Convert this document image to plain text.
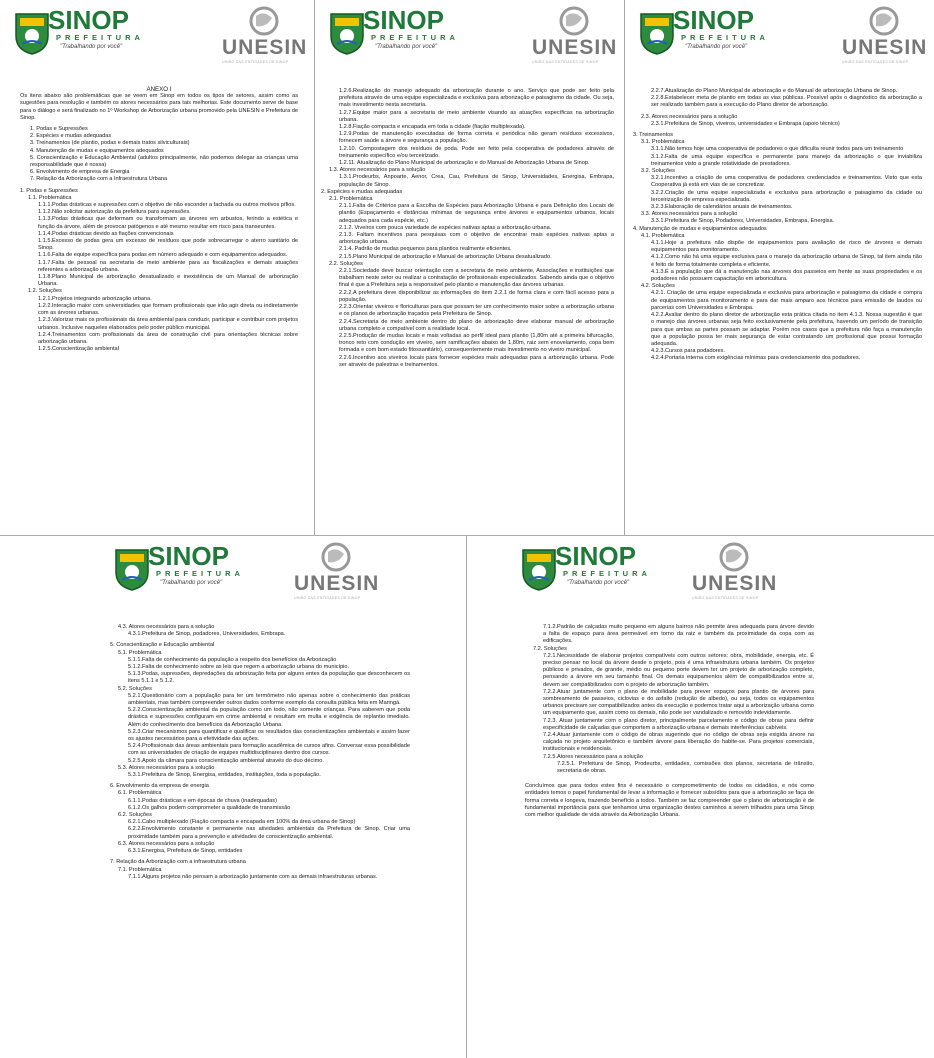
SINOP
PREFEITURA
"Trabalhando por você"	UNESIN
UNIÃO DAS ENTIDADES DE SINOP

ANEXO I

Os itens abaixo são problemáticas que se veem em Sinop em todos os tipos de setores, assim como as sugestões para resolução e também os atores necessários para tais melhorias. Este documento serve de base para o diálogo e será finalizado no 1º Workshop de Arborização urbana promovido pela UNESIN e Prefeitura de Sinop.

1. Podas e Supressões

2. Espécies e mudas adequadas

3. Treinamentos (de plantio, podas e demais tratos silviculturais)

4. Manutenção de mudas e equipamentos adequados

5. Conscientização e Educação Ambiental (adultos principalmente, não podemos delegar as crianças uma responsabilidade que é nossa)

6. Envolvimento de empresa de Energia

7. Relação da Arborização com a Infraestrutura Urbana

1. Podas e Supressões

1.1. Problemática

1.1.1.Podas drásticas e supressões com o objetivo de não esconder a fachada ou outros motivos pífios.

1.1.2.Não solicitar autorização da prefeitura para supressões.

1.1.3.Podas drásticas que deformam ou transformam as árvores em arbustos, ferindo a estética e função da árvore, além de provocar patógenos e até mesmo resultar em risco para transeuntes.

1.1.4.Podas drásticas devido as fiações convencionais

1.1.5.Excesso de podas gera um excesso de resíduos que pode sobrecarregar o aterro sanitário de Sinop.

1.1.6.Falta de equipe específica para podas em número adequado e com equipamentos adequados.

1.1.7.Falta de pessoal na secretaria de meio ambiente para as fiscalizações e demais atuações referentes a arborização urbana.

1.1.8.Plano Municipal de arborização desatualizado e inexistência de um Manual de arborização Urbana.

1.2. Soluções

1.2.1.Projetos integrando arborização urbana.

1.2.2.Interação maior com universidades que formam profissionais que irão agir direta ou indiretamente com as árvores urbanas.

1.2.3.Valorizar mais os profissionais da área ambiental para conduzir, participar e contribuir com projetos urbanos. Inclusive naqueles elaborados pelo poder público municipal.

1.2.4.Treinamentos com profissionais da área de construção civil para orientações técnicas sobre arborização urbana.

1.2.5.Conscientização ambiental

SINOP
PREFEITURA
"Trabalhando por você"	UNESIN
UNIÃO DAS ENTIDADES DE SINOP

1.2.6.Realização do manejo adequado da arborização durante o ano. Serviço que pode ser feito pela prefeitura através de uma equipe especializada e exclusiva para arborização e paisagismo da cidade. Ou seja, mais investimento nesta secretaria.

1.2.7.Equipe maior para a secretaria de meio ambiente visando as atuações específicas na arborização urbana.

1.2.8.Fiação compacta e encapada em toda a cidade (fiação multiplexada).

1.2.9.Podas de manutenção executadas de forma correta e periódica não geram resíduos excessivos, fornecem saúde a árvore e segurança a população.

1.2.10. Compostagem dos resíduos de poda. Pode ser feito pela cooperativa de podadores através de treinamento específico e/ou terceirizado.

1.2.11. Atualização do Plano Municipal de arborização e do Manual de Arborização Urbana de Sinop.

1.3. Atores necessários para a solução

1.3.1.Prodeurbs, Anpoarte, Aenor, Crea, Cau, Prefeitura de Sinop, Universidades, Energisa, Embrapa, população de Sinop.

2. Espécies e mudas adequadas

2.1. Problemática

2.1.1.Falta de Critérios para a Escolha de Espécies para Arborização Urbana e para Definição dos Locais de plantio (Espaçamento e distâncias mínimas de segurança entre árvores e equipamentos urbanos, locais adequados para cada espécie, etc.)

2.1.2. Viveiros com pouca variedade de espécies nativas aptas a arborização urbana.

2.1.3. Faltam incentivos para pesquisas com o objetivo de encontrar mais espécies nativas aptas a arborização urbana.

2.1.4. Padrão de mudas pequenos para plantios realmente eficientes.

2.1.5.Plano Municipal de arborização e Manual de arborização Urbana desatualizado.

2.2. Soluções

2.2.1.Sociedade deve buscar orientação com a secretaria de meio ambiente, Associações e instituições que trabalham neste setor ou realizar a contratação de profissionais especializados. Sabendo ainda que o objetivo final é que a Prefeitura seja a responsável pelo plantio e manutenção das árvores urbanas.

2.2.2.A prefeitura deve disponibilizar as informações do item 2.2.1 de forma clara e com fácil acesso para a população.

2.2.3.Orientar viveiros e floriculturas para que possam ter um conhecimento maior sobre a arborização urbana e os planos de arborização traçados pela Prefeitura de Sinop.

2.2.4.Secretaria de meio ambiente dentro do plano de arborização deve elaborar manual de arborização urbana completo e compatível com a realidade local.

2.2.5.Produção de mudas locais e mais voltadas ao perfil ideal para plantio (1,80m até a primeira bifurcação, tronco reto com condução em viveiro, sem ramificações abaixo de 1,80m, raiz sem enovelamento, copa bem formada e com bom estado fitossanitário), consequentemente mais investimento no viveiro municipal.

2.2.6.Incentivo aos viveiros locais para fornecer espécies mais adequadas para a arborização urbana. Pode ser através de palestras e treinamentos.

SINOP
PREFEITURA
"Trabalhando por você"	UNESIN
UNIÃO DAS ENTIDADES DE SINOP

2.2.7.Atualização do Plano Municipal de arborização e do Manual de arborização Urbana de Sinop.

2.2.8.Estabelecer meta de plantio em todas as vias públicas. Possível após o diagnóstico da arborização a ser realizado também para a execução do Plano diretor de arborização.

2.3. Atores necessários para a solução

2.3.1.Prefeitura de Sinop, viveiros, universidades e Embrapa (apoio técnico)

3. Treinamentos

3.1. Problemática

3.1.1.Não temos hoje uma cooperativa de podadores o que dificulta reunir todos para um treinamento

3.1.2.Falta de uma equipe específica e permanente para manejo da arborização o que inviabiliza treinamentos visto a grande rotatividade de prestadores.

3.2. Soluções

3.2.1.Incentivo a criação de uma cooperativa de podadores credenciados e treinamentos. Visto que esta Cooperativa já está em vias de se concretizar.

3.2.2.Criação de uma equipe especializada e exclusiva para arborização e paisagismo da cidade ou terceirização de empresa especializada.

3.2.3.Elaboração de calendários anuais de treinamentos.

3.3. Atores necessários para a solução

3.3.1.Prefeitura de Sinop, Podadores, Universidades, Embrapa, Energisa.

4. Manutenção de mudas e equipamentos adequados

4.1. Problemática

4.1.1.Hoje a prefeitura não dispõe de equipamentos para avaliação de risco de árvores e demais equipamentos para monitoramento.

4.1.2.Como não há uma equipe exclusiva para o manejo da arborização urbana de Sinop, tal item ainda não é feito de forma totalmente completa e eficiente.

4.1.3.É a população que dá a manutenção nas árvores dos passeios em frente as suas propriedades e os podadores não possuem capacitação em arboricultura.

4.2. Soluções

4.2.1. Criação de uma equipe especializada e exclusiva para arborização e paisagismo da cidade e compra de equipamentos para monitoramento e para dar mais amparo aos técnicos para emissão de laudos ou parcerias com Universidades e Embrapa.

4.2.2.Avaliar dentro do plano diretor de arborização esta prática citada no item 4.1.3. Nossa sugestão é que o manejo das árvores urbanas seja feito exclusivamente pela prefeitura, havendo um período de transição para que ambas as partes possam se adaptar. Porém nos casos que a prefeitura não faça a manutenção que a população possa ter mais segurança de estar contratando um profissional que possui formação adequada.

4.2.3.Cursos para podadores.

4.2.4.Portaria interna com exigências mínimas para credenciamento dos podadores.

SINOP
PREFEITURA
"Trabalhando por você"	UNESIN
UNIÃO DAS ENTIDADES DE SINOP

4.3. Atores necessários para a solução

4.3.1.Prefeitura de Sinop, podadores, Universidades, Embrapa.

5. Conscientização e Educação ambiental

5.1. Problemática

5.1.1.Falta de conhecimento da população a respeito dos benefícios da Arborização

5.1.2.Falta de conhecimento sobre as leis que regem a arborização urbana do município.

5.1.3.Podas, supressões, depredações da arborização feita por alguns entes da população que desconhecem os itens 5.1.1 e 5.1.2.

5.2. Soluções

5.2.1.Questionário com a população para ter um termômetro não apenas sobre o conhecimento das práticas ambientais, mas também compreender outros dados conforme exemplo da consulta pública feita em Maringá.

5.2.2.Conscientização ambiental da população como um todo, não somente crianças. Para saberem que poda drástica e supressões configuram em crime ambiental e resultam em multa e exigência de replantio imediato. Além do conhecimento dos benefícios da Arborização Urbana.

5.2.3.Criar mecanismos para quantificar e qualificar os resultados das conscientizações ambientais e assim fazer os ajustes necessários para a efetividade das ações.

5.2.4.Profissionais das áreas ambientais para formação acadêmica de cursos afins. Conversar essa possibilidade com as universidades de criação de equipes multidisciplinares dentro dos cursos.

5.2.5.Apoio da câmara para conscientização ambiental através do duo décimo.

5.3. Atores necessários para a solução

5.3.1.Prefeitura de Sinop, Energisa, entidades, instituições, toda a população.

6. Envolvimento da empresa de energia

6.1. Problemática

6.1.1.Podas drásticas e em épocas de chuva (inadequadas)

6.1.2.Os galhos podem comprometer a qualidade de transmissão

6.2. Soluções

6.2.1.Cabo multiplexado (Fiação compacta e encapada em 100% da área urbana de Sinop)

6.2.2.Envolvimento constante e permanente nas atividades ambientais da Prefeitura de Sinop. Criar uma proximidade também para a prevenção e atividades de conscientização ambiental.

6.3. Atores necessários para a solução

6.3.1.Energisa, Prefeitura de Sinop, entidades

7. Relação da Arborização com a infraestrutura urbana

7.1. Problemática

7.1.1.Alguns projetos não pensam a arborização juntamente com as demais infraestruturas urbanas.

SINOP
PREFEITURA
"Trabalhando por você"	UNESIN
UNIÃO DAS ENTIDADES DE SINOP

7.1.2.Padrão de calçadas muito pequeno em alguns bairros não permite área adequada para árvore devido a falta de espaço para área permeável em torno da raiz e também da proximidade da copa com as edificações.

7.2. Soluções

7.2.1.Necessidade de elaborar projetos compatíveis com outros setores: obra, mobilidade, energia, etc. É preciso pensar no local da árvore desde o projeto, pois é uma infraestrutura urbana também. Os projetos públicos e privados, de grande, médio ou pequeno porte devem ter um projeto de arborização completo, pensando a árvore em seu tamanho final. Os demais equipamentos além de compatibilizados entre si, devem ser compatibilizados com o projeto de arborização também.

7.2.2.Atuar juntamente com o plano de mobilidade para prever espaços para plantio de árvores para sombreamento de passeios, ciclovias e do asfalto (redução de albedo), ou seja, todos os equipamentos urbanos precisam ser compatibilizados antes da execução e podemos tratar aqui a arborização urbana como um equipamento que, assim como os demais, não pode ser vandalizado e removido indevidamente.

7.2.3. Atuar juntamente com o plano diretor, principalmente parcelamento e código de obras para definir especificidade de calçadas que comportem a arborização urbana e demais interferências cabíveis.

7.2.4.Atuar juntamente com o código de obras sugerindo que no código de obras seja exigida árvore na calçada no projeto arquitetônico e também árvore para liberação do habite-se. Para projetos comerciais, institucionais e residenciais.

7.2.5.Atores necessários para a solução

7.2.5.1. Prefeitura de Sinop, Prodeurbs, entidades, comissões dos planos, secretaria de trânsito, secretaria de obras.

Concluímos que para todos estes fins é necessário o comprometimento de todos os cidadãos, e nós como entidades temos o papel fundamental de levar a informação e fornecer subsídios para que a arborização se faça de forma correta e longeva, trazendo benefício a todos. Também se faz compreender que o plano de arborização é de fundamental importância para que tenhamos uma organização destes caminhos a serem trilhados para uma Sinop com melhor qualidade de vida através da Arborização Urbana.
